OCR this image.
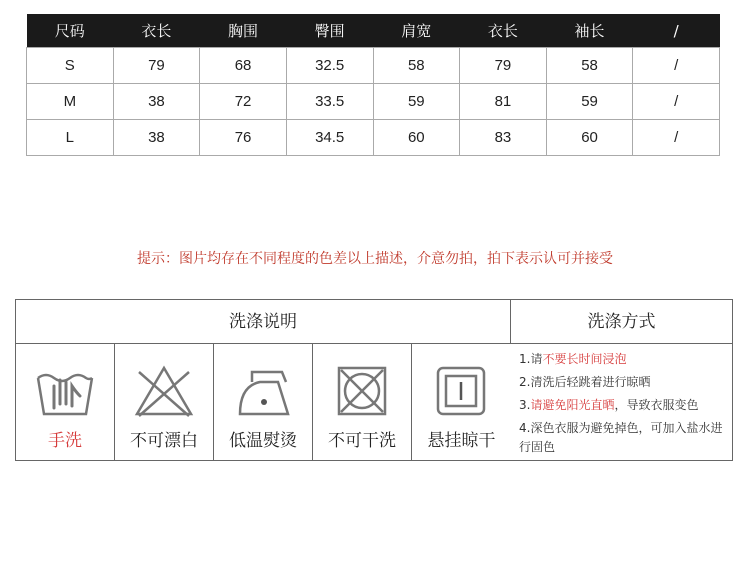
尺码	衣长	胸围	臀围	肩宽	衣长	袖长	/
S	79	68	32.5	58	79	58	/
M	38	72	33.5	59	81	59	/
L	38	76	34.5	60	83	60	/
提示：图片均存在不同程度的色差以上描述，介意勿拍，拍下表示认可并接受
洗涤说明	洗涤方式
手洗	不可漂白	低温熨烫	不可干洗	悬挂晾干

1.请不要长时间浸泡

2.清洗后轻跳着进行晾晒

3.请避免阳光直晒，导致衣服变色

4.深色衣服为避免掉色，可加入盐水进行固色
